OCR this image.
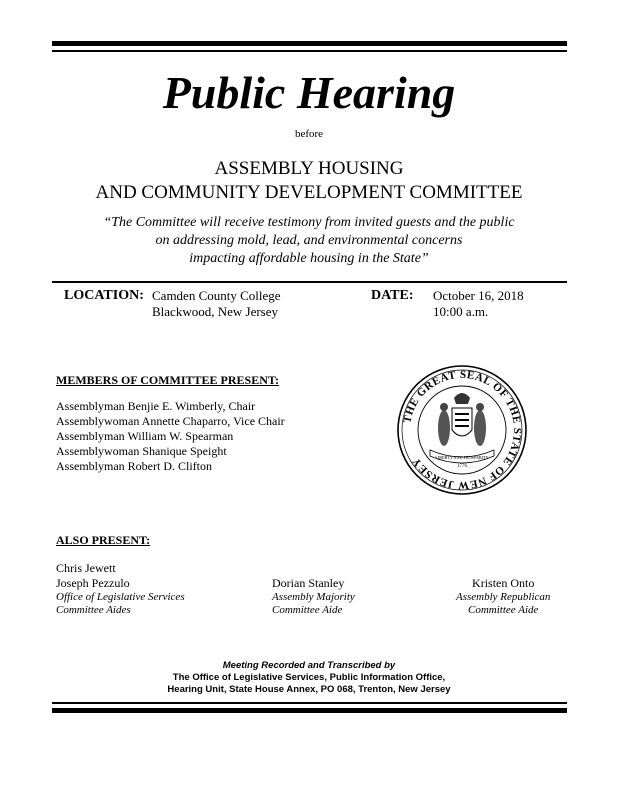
Public Hearing
before
ASSEMBLY HOUSING
AND COMMUNITY DEVELOPMENT COMMITTEE
“The Committee will receive testimony from invited guests and the public
on addressing mold, lead, and environmental concerns
impacting affordable housing in the State”
LOCATION: Camden County College
Blackwood, New Jersey
DATE: October 16, 2018
10:00 a.m.
MEMBERS OF COMMITTEE PRESENT:
Assemblyman Benjie E. Wimberly, Chair
Assemblywoman Annette Chaparro, Vice Chair
Assemblyman William W. Spearman
Assemblywoman Shanique Speight
Assemblyman Robert D. Clifton
THE GREAT SEAL OF THE STATE OF NEW JERSEY	LIBERTY AND PROSPERITY
1776
ALSO PRESENT:
Chris Jewett
Joseph Pezzulo
Office of Legislative Services
Committee Aides
Dorian Stanley
Assembly Majority
Committee Aide
Kristen Onto
Assembly Republican
Committee Aide
Meeting Recorded and Transcribed by
The Office of Legislative Services, Public Information Office,
Hearing Unit, State House Annex, PO 068, Trenton, New Jersey
